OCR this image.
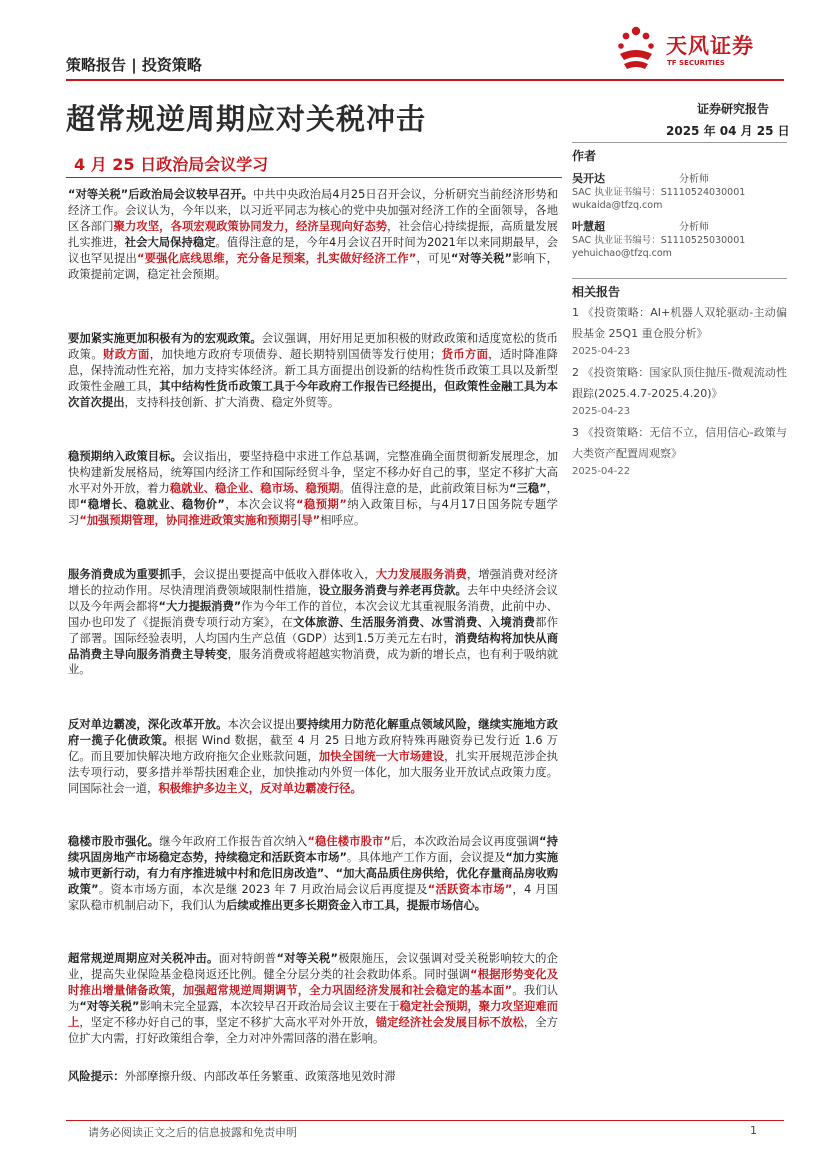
策略报告 | 投资策略
天风证券
TF SECURITIES
超常规逆周期应对关税冲击
4 月 25 日政治局会议学习
证券研究报告
2025 年 04 月 25 日
“对等关税”后政治局会议较早召开。中共中央政治局4月25日召开会议，分析研究当前经济形势和经济工作。会议认为，今年以来，以习近平同志为核心的党中央加强对经济工作的全面领导，各地区各部门聚力攻坚，各项宏观政策协同发力，经济呈现向好态势，社会信心持续提振，高质量发展扎实推进，社会大局保持稳定。值得注意的是，今年4月会议召开时间为2021年以来同期最早，会议也罕见提出“要强化底线思维，充分备足预案，扎实做好经济工作”，可见“对等关税”影响下，政策提前定调，稳定社会预期。
要加紧实施更加积极有为的宏观政策。会议强调，用好用足更加积极的财政政策和适度宽松的货币政策。财政方面，加快地方政府专项债券、超长期特别国债等发行使用；货币方面，适时降准降息，保持流动性充裕，加力支持实体经济。新工具方面提出创设新的结构性货币政策工具以及新型政策性金融工具，其中结构性货币政策工具于今年政府工作报告已经提出，但政策性金融工具为本次首次提出，支持科技创新、扩大消费、稳定外贸等。
稳预期纳入政策目标。会议指出，要坚持稳中求进工作总基调，完整准确全面贯彻新发展理念，加快构建新发展格局，统筹国内经济工作和国际经贸斗争，坚定不移办好自己的事，坚定不移扩大高水平对外开放，着力稳就业、稳企业、稳市场、稳预期。值得注意的是，此前政策目标为“三稳”，即“稳增长、稳就业、稳物价”，本次会议将“稳预期”纳入政策目标，与4月17日国务院专题学习“加强预期管理，协同推进政策实施和预期引导”相呼应。
服务消费成为重要抓手，会议提出要提高中低收入群体收入，大力发展服务消费，增强消费对经济增长的拉动作用。尽快清理消费领域限制性措施，设立服务消费与养老再贷款。去年中央经济会议以及今年两会都将“大力提振消费”作为今年工作的首位，本次会议尤其重视服务消费，此前中办、国办也印发了《提振消费专项行动方案》，在文体旅游、生活服务消费、冰雪消费、入境消费都作了部署。国际经验表明，人均国内生产总值（GDP）达到1.5万美元左右时，消费结构将加快从商品消费主导向服务消费主导转变，服务消费或将超越实物消费，成为新的增长点，也有利于吸纳就业。
反对单边霸凌，深化改革开放。本次会议提出要持续用力防范化解重点领域风险，继续实施地方政府一揽子化债政策。根据 Wind 数据，截至 4 月 25 日地方政府特殊再融资券已发行近 1.6 万亿。而且要加快解决地方政府拖欠企业账款问题，加快全国统一大市场建设，扎实开展规范涉企执法专项行动，要多措并举帮扶困难企业，加快推动内外贸一体化，加大服务业开放试点政策力度。同国际社会一道，积极维护多边主义，反对单边霸凌行径。
稳楼市股市强化。继今年政府工作报告首次纳入“稳住楼市股市”后，本次政治局会议再度强调“持续巩固房地产市场稳定态势，持续稳定和活跃资本市场”。具体地产工作方面，会议提及“加力实施城市更新行动，有力有序推进城中村和危旧房改造”、“加大高品质住房供给，优化存量商品房收购政策”。资本市场方面，本次是继 2023 年 7 月政治局会议后再度提及“活跃资本市场”，4 月国家队稳市机制启动下，我们认为后续或推出更多长期资金入市工具，提振市场信心。
超常规逆周期应对关税冲击。面对特朗普“对等关税”极限施压，会议强调对受关税影响较大的企业，提高失业保险基金稳岗返还比例。健全分层分类的社会救助体系。同时强调“根据形势变化及时推出增量储备政策，加强超常规逆周期调节，全力巩固经济发展和社会稳定的基本面”。我们认为“对等关税”影响未完全显露，本次较早召开政治局会议主要在于稳定社会预期，聚力攻坚迎难而上，坚定不移办好自己的事，坚定不移扩大高水平对外开放，锚定经济社会发展目标不放松，全方位扩大内需，打好政策组合拳，全力对冲外需回落的潜在影响。
风险提示：外部摩擦升级、内部改革任务繁重、政策落地见效时滞
作者
吴开达	分析师
SAC 执业证书编号：S1110524030001
wukaida@tfzq.com
叶慧超	分析师
SAC 执业证书编号：S1110525030001
yehuichao@tfzq.com
相关报告
1 《投资策略：AI+机器人双轮驱动-主动偏股基金 25Q1 重仓股分析》
2025-04-23
2 《投资策略：国家队顶住抛压-微观流动性跟踪(2025.4.7-2025.4.20)》
2025-04-23
3 《投资策略：无信不立，信用信心-政策与大类资产配置周观察》
2025-04-22
请务必阅读正文之后的信息披露和免责申明	1
